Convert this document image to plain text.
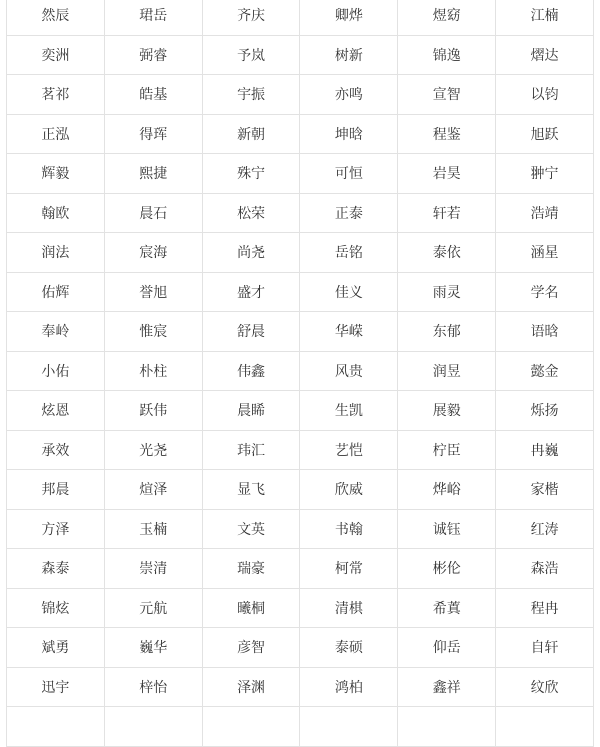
然辰	珺岳	齐庆	卿烨	煜窈	江楠
奕洲	弼睿	予岚	树新	锦逸	熠达
茗祁	皓基	宇振	亦鸣	宣智	以钧
正泓	得珲	新朝	坤晗	程鉴	旭跃
辉毅	熙捷	殊宁	可恒	岩昊	翀宁
翰欧	晨石	松荣	正泰	轩若	浩靖
润法	宸海	尚尧	岳铭	泰依	涵星
佑辉	誉旭	盛才	佳义	雨灵	学名
奉岭	惟宸	舒晨	华嵘	东郁	语晗
小佑	朴柱	伟鑫	风贵	润昱	懿金
炫恩	跃伟	晨睎	生凯	展毅	烁扬
承效	光尧	玮汇	艺恺	柠臣	冉巍
邦晨	煊泽	显飞	欣威	烨峪	家楷
方泽	玉楠	文英	书翰	诚钰	红涛
森泰	崇清	瑞豪	柯常	彬伦	森浩
锦炫	元航	曦桐	清棋	希蒖	程冉
斌勇	巍华	彦智	泰硕	仰岳	自轩
迅宇	梓怡	泽渊	鸿柏	鑫祥	纹欣
